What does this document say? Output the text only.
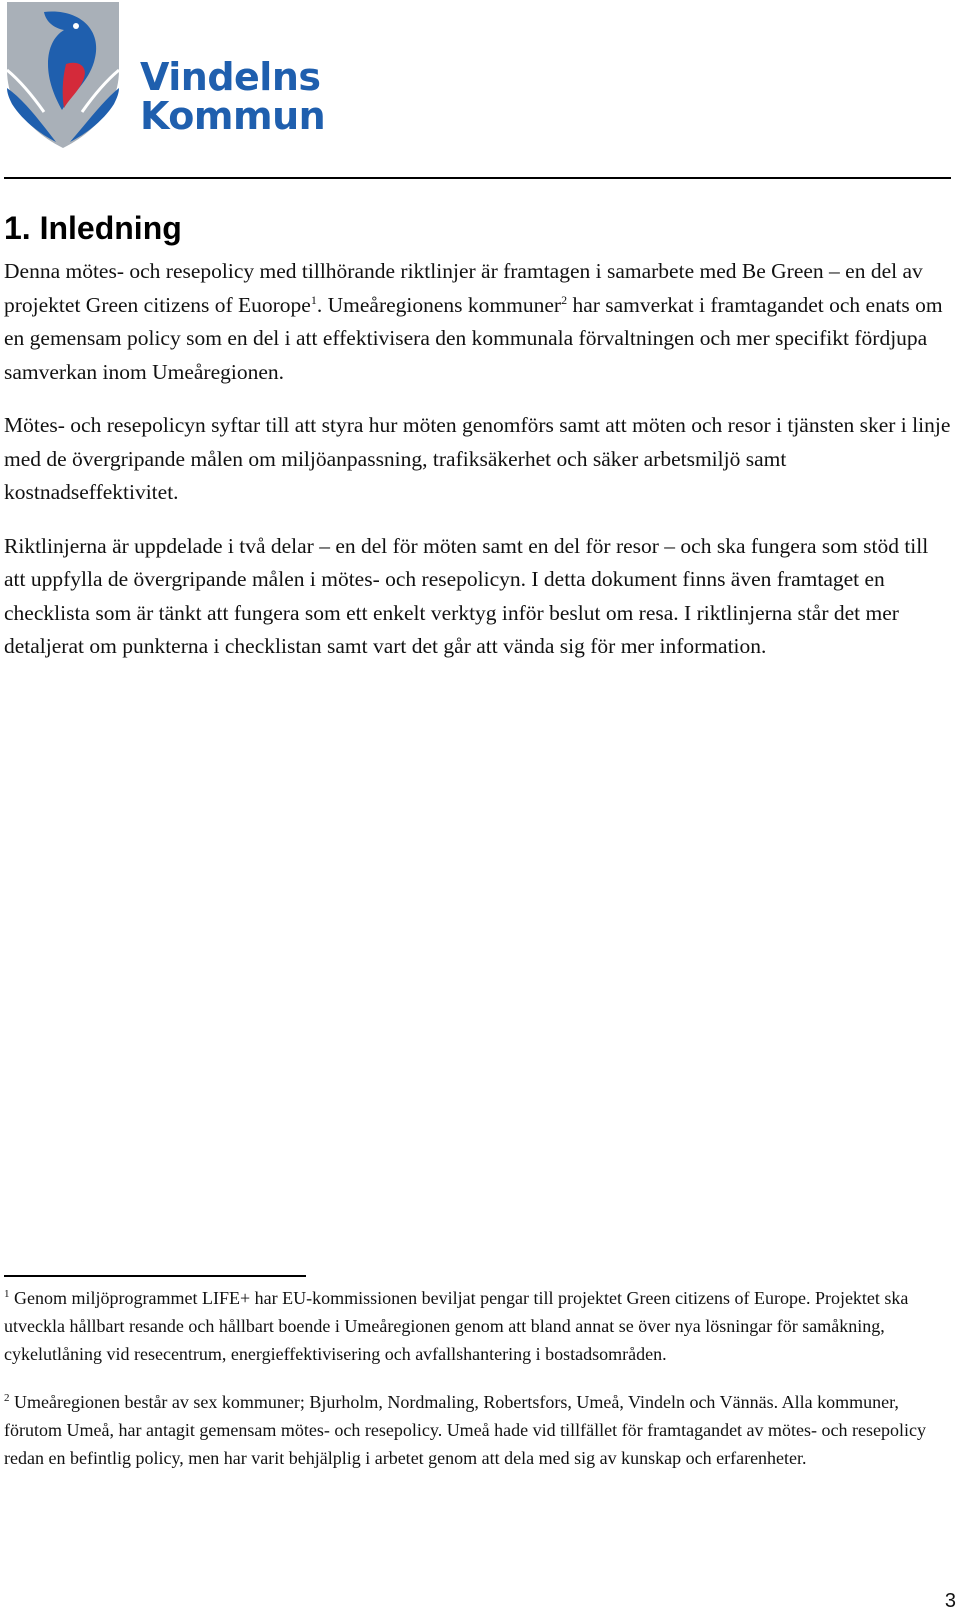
Vindelns
Kommun
1. Inledning

Denna mötes- och resepolicy med tillhörande riktlinjer är framtagen i samarbete med Be Green – en del av projektet Green citizens of Euorope$^1$. Umeåregionens kommuner$^2$ har samverkat i framtagandet och enats om en gemensam policy som en del i att effektivisera den kommunala förvaltningen och mer specifikt fördjupa samverkan inom Umeåregionen.

Mötes- och resepolicyn syftar till att styra hur möten genomförs samt att möten och resor i tjänsten sker i linje med de övergripande målen om miljöanpassning, trafiksäkerhet och säker arbetsmiljö samt kostnadseffektivitet.

Riktlinjerna är uppdelade i två delar – en del för möten samt en del för resor – och ska fungera som stöd till att uppfylla de övergripande målen i mötes- och resepolicyn. I detta dokument finns även framtaget en checklista som är tänkt att fungera som ett enkelt verktyg inför beslut om resa. I riktlinjerna står det mer detaljerat om punkterna i checklistan samt vart det går att vända sig för mer information.

$^1$ Genom miljöprogrammet LIFE+ har EU-kommissionen beviljat pengar till projektet Green citizens of Europe. Projektet ska utveckla hållbart resande och hållbart boende i Umeåregionen genom att bland annat se över nya lösningar för samåkning, cykelutlåning vid resecentrum, energieffektivisering och avfallshantering i bostadsområden.

$^2$ Umeåregionen består av sex kommuner; Bjurholm, Nordmaling, Robertsfors, Umeå, Vindeln och Vännäs. Alla kommuner, förutom Umeå, har antagit gemensam mötes- och resepolicy. Umeå hade vid tillfället för framtagandet av mötes- och resepolicy redan en befintlig policy, men har varit behjälplig i arbetet genom att dela med sig av kunskap och erfarenheter.

3
